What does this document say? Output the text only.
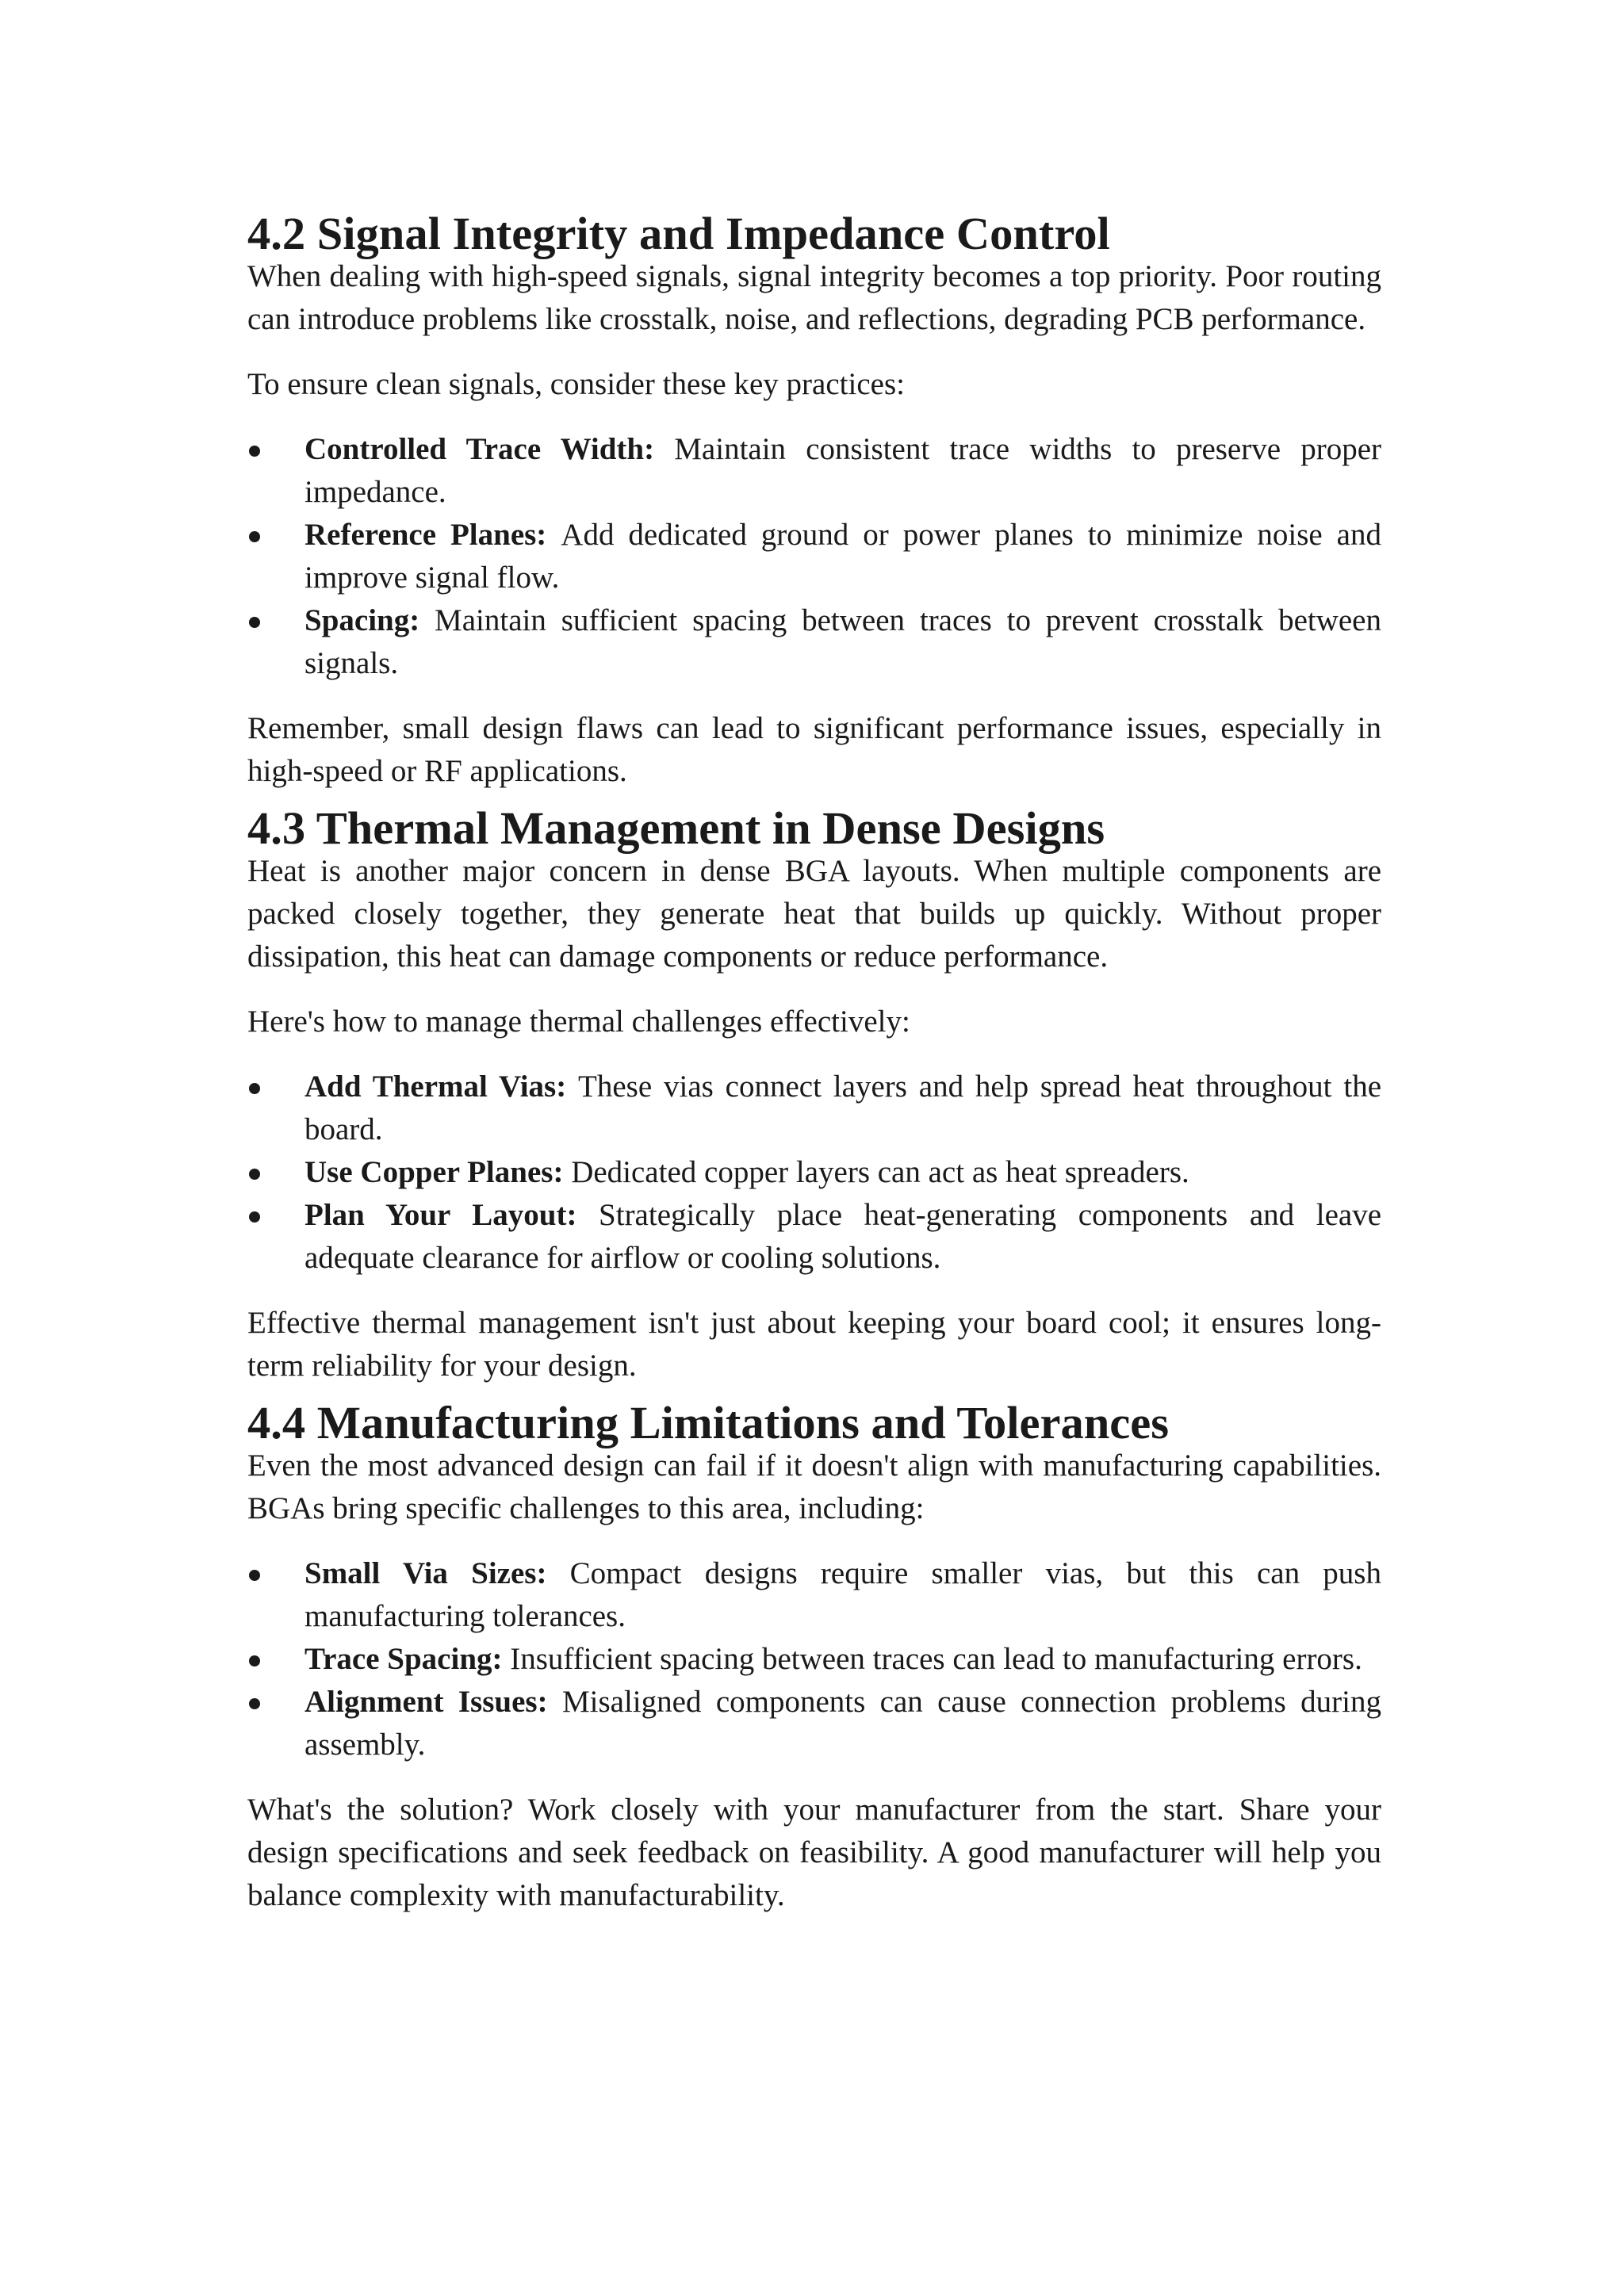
4.2 Signal Integrity and Impedance Control

When dealing with high-speed signals, signal integrity becomes a top priority. Poor routing can introduce problems like crosstalk, noise, and reflections, degrading PCB performance.

To ensure clean signals, consider these key practices:

Controlled Trace Width: Maintain consistent trace widths to preserve proper impedance.
Reference Planes: Add dedicated ground or power planes to minimize noise and improve signal flow.
Spacing: Maintain sufficient spacing between traces to prevent crosstalk between signals.

Remember, small design flaws can lead to significant performance issues, especially in high-speed or RF applications.

4.3 Thermal Management in Dense Designs

Heat is another major concern in dense BGA layouts. When multiple components are packed closely together, they generate heat that builds up quickly. Without proper dissipation, this heat can damage components or reduce performance.

Here's how to manage thermal challenges effectively:

Add Thermal Vias: These vias connect layers and help spread heat throughout the board.
Use Copper Planes: Dedicated copper layers can act as heat spreaders.
Plan Your Layout: Strategically place heat-generating components and leave adequate clearance for airflow or cooling solutions.

Effective thermal management isn't just about keeping your board cool; it ensures long-term reliability for your design.

4.4 Manufacturing Limitations and Tolerances

Even the most advanced design can fail if it doesn't align with manufacturing capabilities. BGAs bring specific challenges to this area, including:

Small Via Sizes: Compact designs require smaller vias, but this can push manufacturing tolerances.
Trace Spacing: Insufficient spacing between traces can lead to manufacturing errors.
Alignment Issues: Misaligned components can cause connection problems during assembly.

What's the solution? Work closely with your manufacturer from the start. Share your design specifications and seek feedback on feasibility. A good manufacturer will help you balance complexity with manufacturability.
